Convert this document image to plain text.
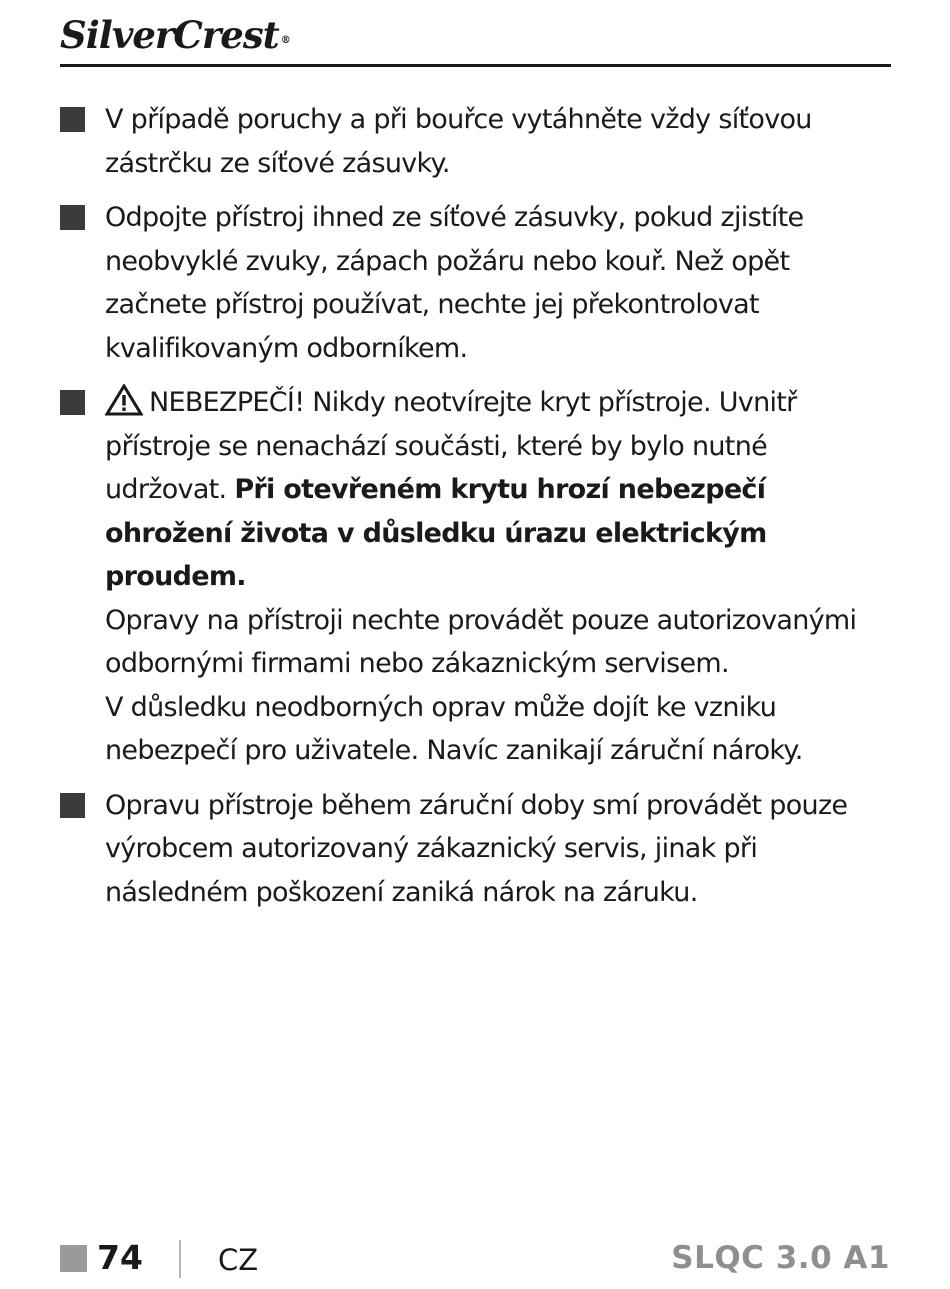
SilverCrest ®
V případě poruchy a při bouřce vytáhněte vždy síťovou zástrčku ze síťové zásuvky.
Odpojte přístroj ihned ze síťové zásuvky, pokud zjistíte neobvyklé zvuky, zápach požáru nebo kouř. Než opět začnete přístroj používat, nechte jej překontrolovat kvalifikovaným odborníkem.
NEBEZPEČÍ! Nikdy neotvírejte kryt přístroje. Uvnitř přístroje se nenachází součásti, které by bylo nutné udržovat. Při otevřeném krytu hrozí nebezpečí ohrožení života v důsledku úrazu elektrickým proudem.
Opravy na přístroji nechte provádět pouze autorizovanými odbornými firmami nebo zákaznickým servisem.
V důsledku neodborných oprav může dojít ke vzniku nebezpečí pro uživatele. Navíc zanikají záruční nároky.
Opravu přístroje během záruční doby smí provádět pouze výrobcem autorizovaný zákaznický servis, jinak při následném poškození zaniká nárok na záruku.
74	CZ	SLQC 3.0 A1
